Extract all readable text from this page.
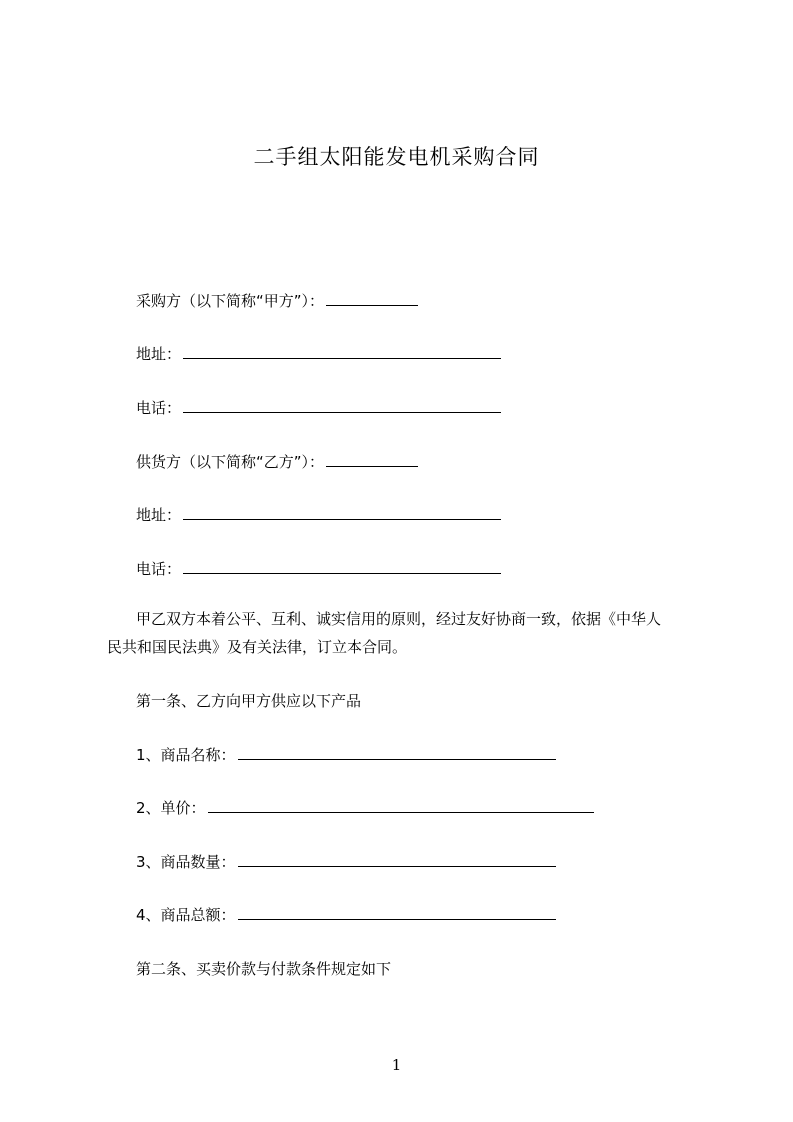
二手组太阳能发电机采购合同
采购方（以下简称“甲方”）：
地址：
电话：
供货方（以下简称“乙方”）：
地址：
电话：
甲乙双方本着公平、互利、诚实信用的原则，经过友好协商一致，依据《中华人
民共和国民法典》及有关法律，订立本合同。
第一条、乙方向甲方供应以下产品
1、商品名称：
2、单价：
3、商品数量：
4、商品总额：
第二条、买卖价款与付款条件规定如下
1
